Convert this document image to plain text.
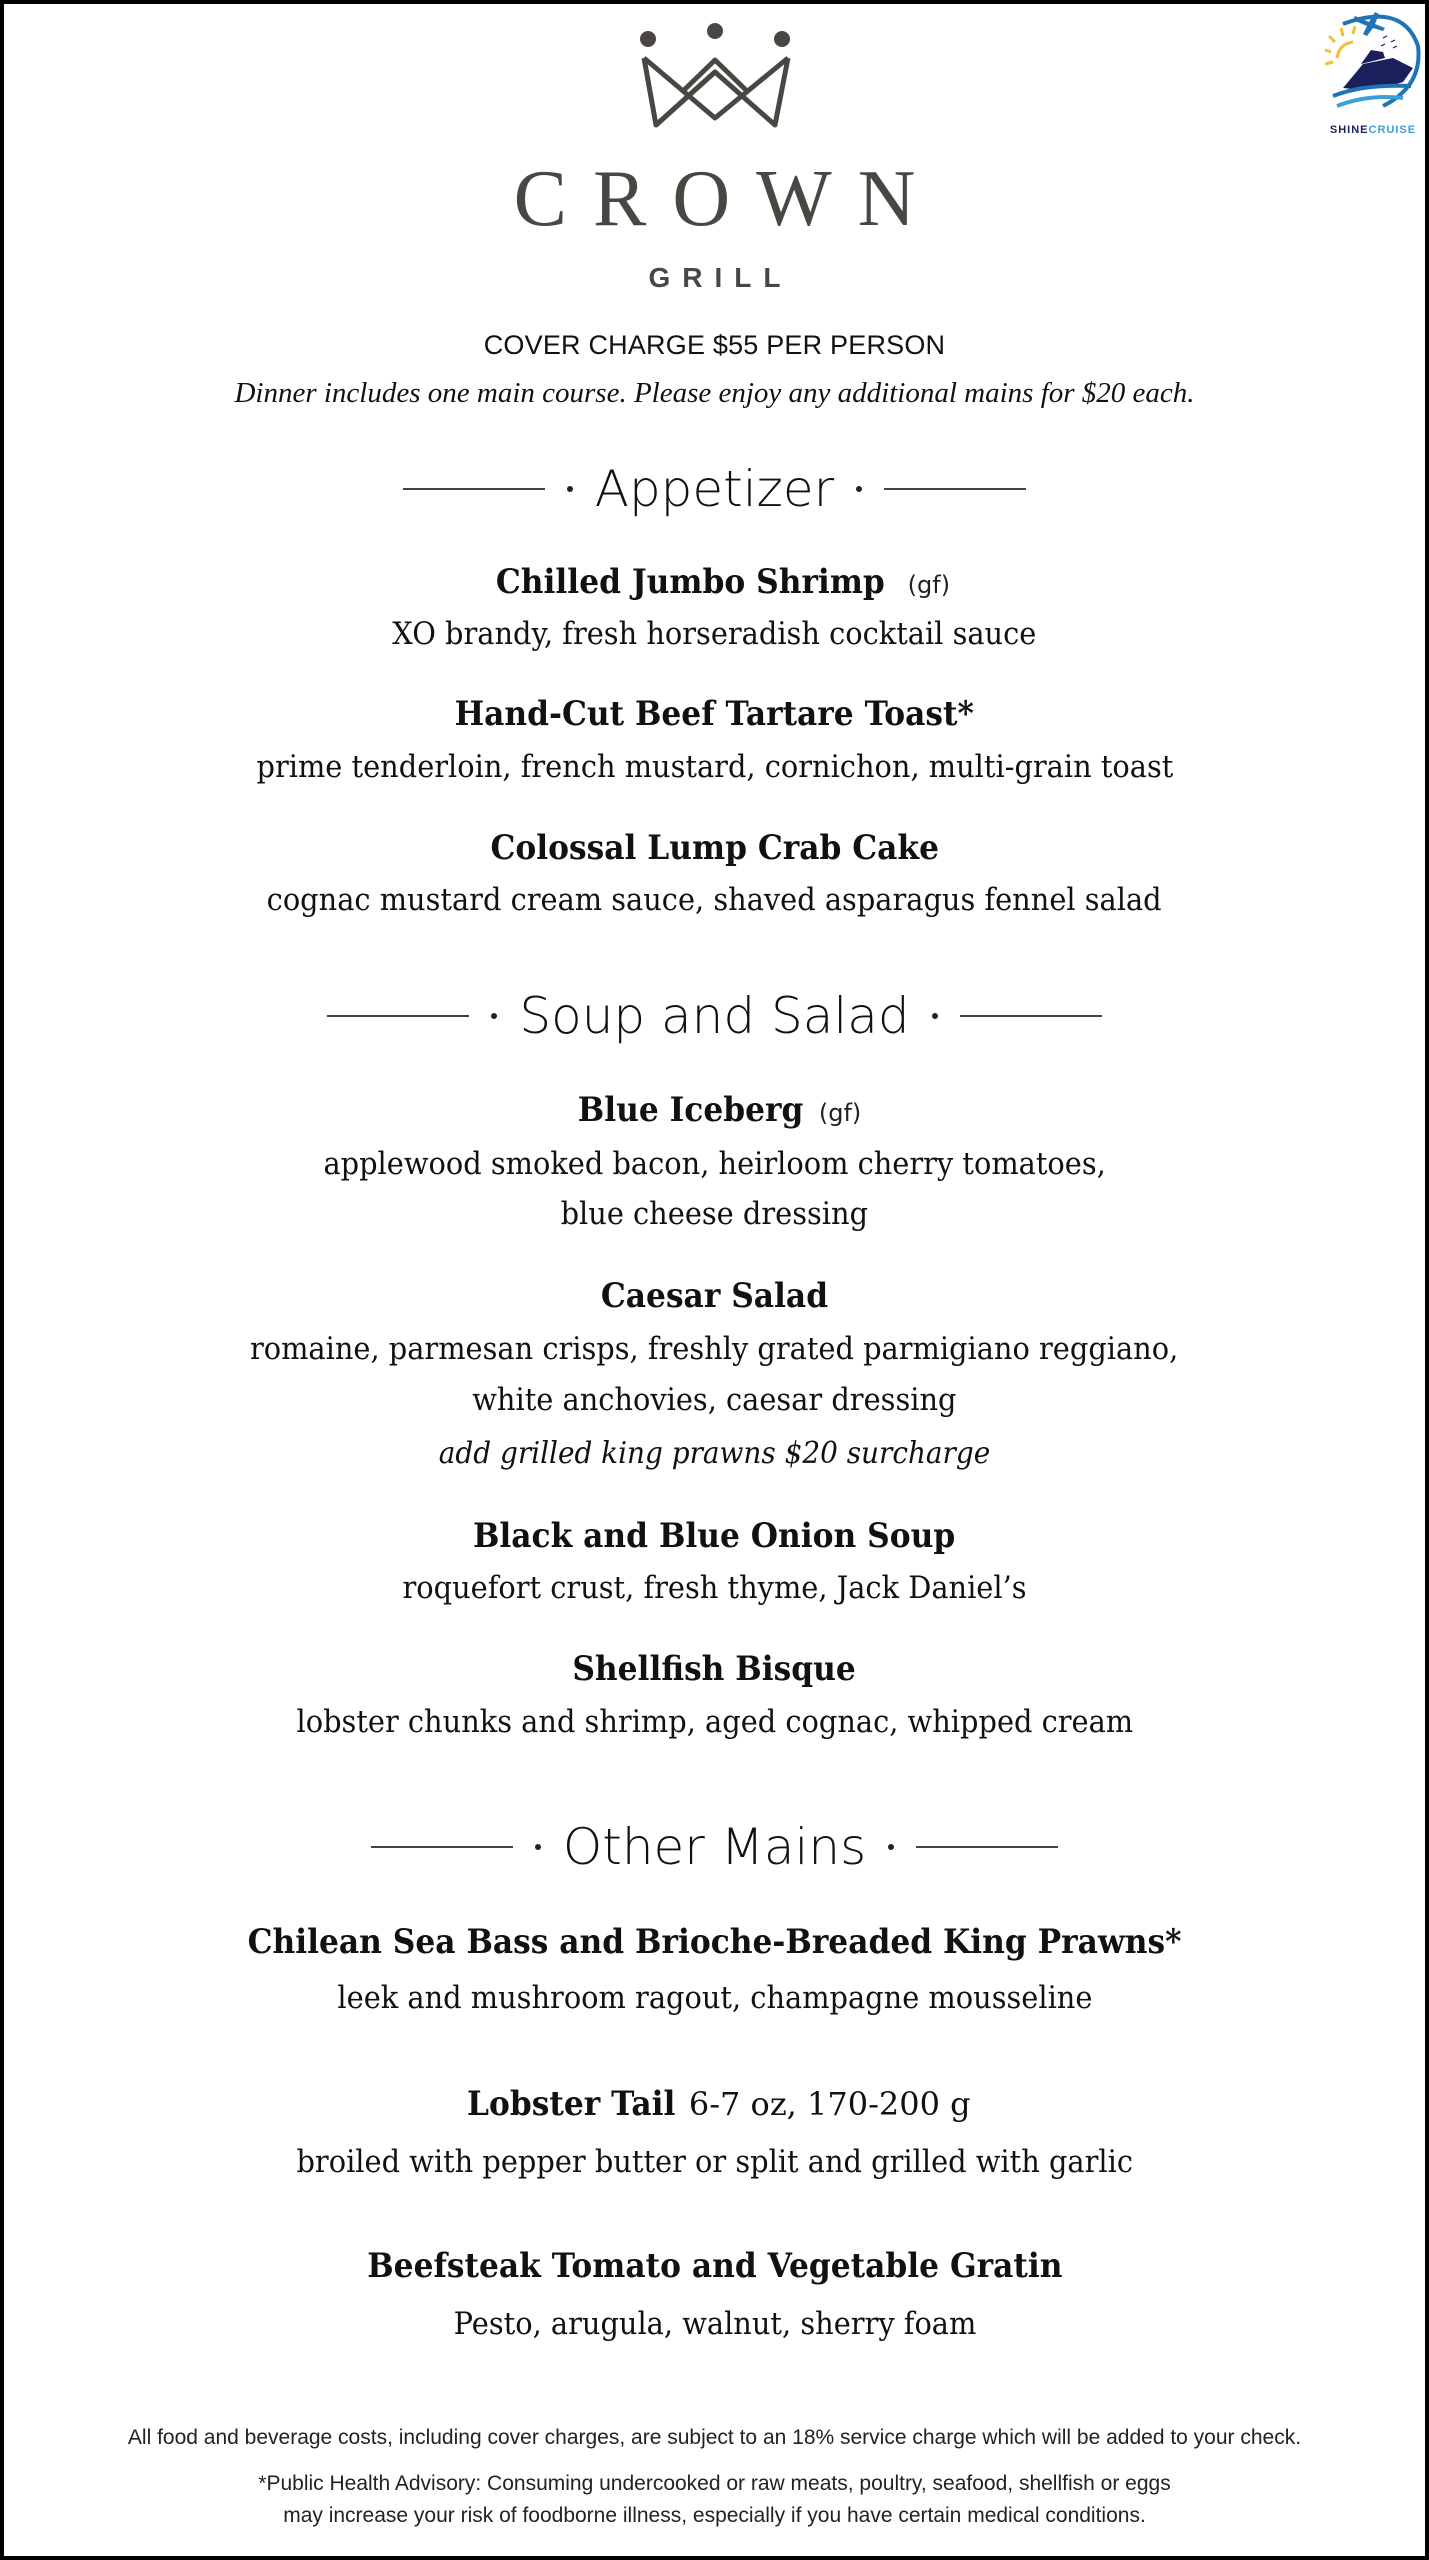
CROWN
GRILL
SHINECRUISE
COVER CHARGE $55 PER PERSON
Dinner includes one main course. Please enjoy any additional mains for $20 each.
Appetizer
Chilled Jumbo Shrimp (gf)
XO brandy, fresh horseradish cocktail sauce
Hand-Cut Beef Tartare Toast*
prime tenderloin, french mustard, cornichon, multi-grain toast
Colossal Lump Crab Cake
cognac mustard cream sauce, shaved asparagus fennel salad
Soup and Salad
Blue Iceberg (gf)
applewood smoked bacon, heirloom cherry tomatoes,
blue cheese dressing
Caesar Salad
romaine, parmesan crisps, freshly grated parmigiano reggiano,
white anchovies, caesar dressing
add grilled king prawns $20 surcharge
Black and Blue Onion Soup
roquefort crust, fresh thyme, Jack Daniel’s
Shellfish Bisque
lobster chunks and shrimp, aged cognac, whipped cream
Other Mains
Chilean Sea Bass and Brioche-Breaded King Prawns*
leek and mushroom ragout, champagne mousseline
Lobster Tail 6-7 oz, 170-200 g
broiled with pepper butter or split and grilled with garlic
Beefsteak Tomato and Vegetable Gratin
Pesto, arugula, walnut, sherry foam
All food and beverage costs, including cover charges, are subject to an 18% service charge which will be added to your check.
*Public Health Advisory: Consuming undercooked or raw meats, poultry, seafood, shellfish or eggs
may increase your risk of foodborne illness, especially if you have certain medical conditions.
